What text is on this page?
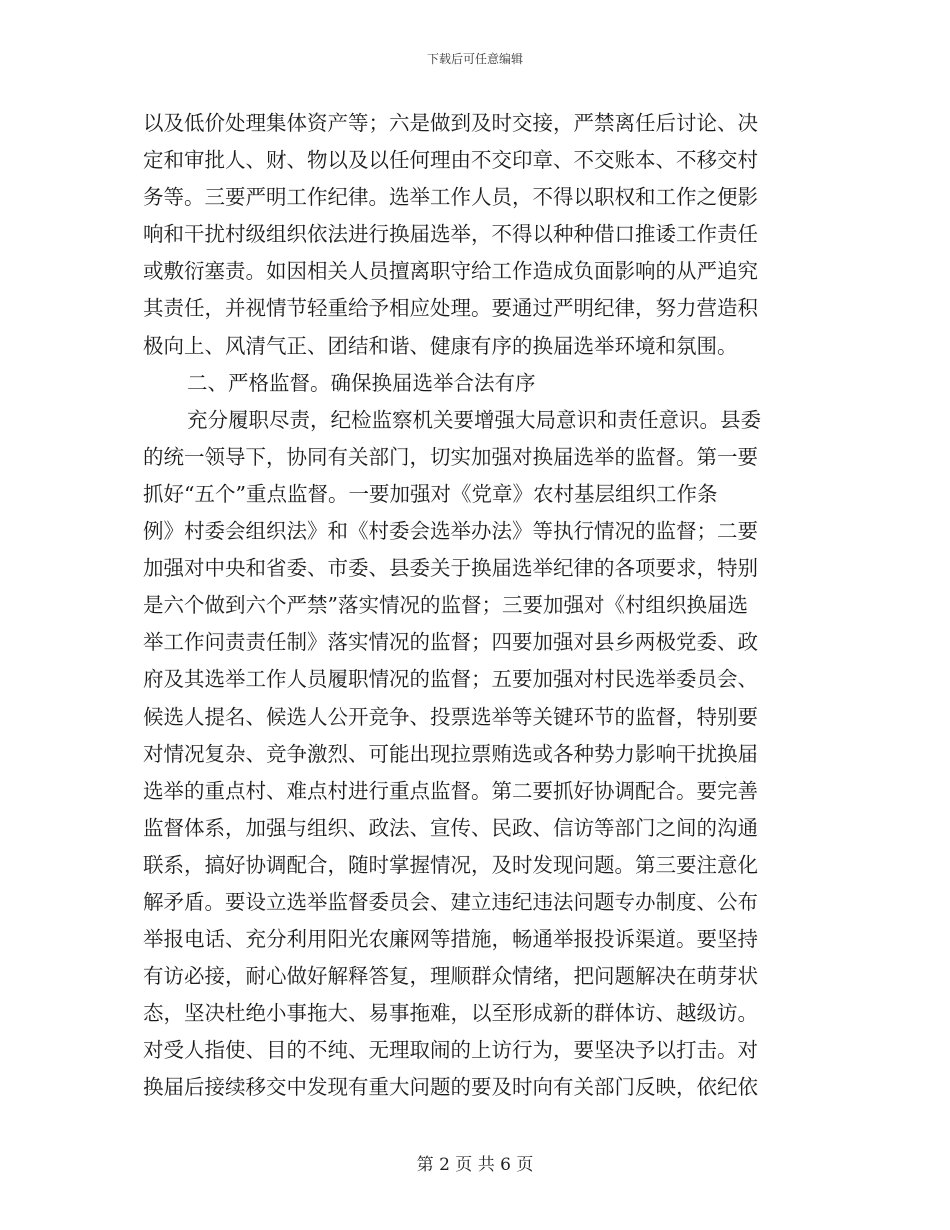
下载后可任意编辑
以及低价处理集体资产等；六是做到及时交接，严禁离任后讨论、决
定和审批人、财、物以及以任何理由不交印章、不交账本、不移交村
务等。三要严明工作纪律。选举工作人员，不得以职权和工作之便影
响和干扰村级组织依法进行换届选举，不得以种种借口推诿工作责任
或敷衍塞责。如因相关人员擅离职守给工作造成负面影响的从严追究
其责任，并视情节轻重给予相应处理。要通过严明纪律，努力营造积
极向上、风清气正、团结和谐、健康有序的换届选举环境和氛围。
二、严格监督。确保换届选举合法有序
充分履职尽责，纪检监察机关要增强大局意识和责任意识。县委
的统一领导下，协同有关部门，切实加强对换届选举的监督。第一要
抓好“五个”重点监督。一要加强对《党章》农村基层组织工作条
例》村委会组织法》和《村委会选举办法》等执行情况的监督；二要
加强对中央和省委、市委、县委关于换届选举纪律的各项要求，特别
是六个做到六个严禁”落实情况的监督；三要加强对《村组织换届选
举工作问责责任制》落实情况的监督；四要加强对县乡两极党委、政
府及其选举工作人员履职情况的监督；五要加强对村民选举委员会、
候选人提名、候选人公开竞争、投票选举等关键环节的监督，特别要
对情况复杂、竞争激烈、可能出现拉票贿选或各种势力影响干扰换届
选举的重点村、难点村进行重点监督。第二要抓好协调配合。要完善
监督体系，加强与组织、政法、宣传、民政、信访等部门之间的沟通
联系，搞好协调配合，随时掌握情况，及时发现问题。第三要注意化
解矛盾。要设立选举监督委员会、建立违纪违法问题专办制度、公布
举报电话、充分利用阳光农廉网等措施，畅通举报投诉渠道。要坚持
有访必接，耐心做好解释答复，理顺群众情绪，把问题解决在萌芽状
态，坚决杜绝小事拖大、易事拖难，以至形成新的群体访、越级访。
对受人指使、目的不纯、无理取闹的上访行为，要坚决予以打击。对
换届后接续移交中发现有重大问题的要及时向有关部门反映，依纪依
第 2 页 共 6 页
